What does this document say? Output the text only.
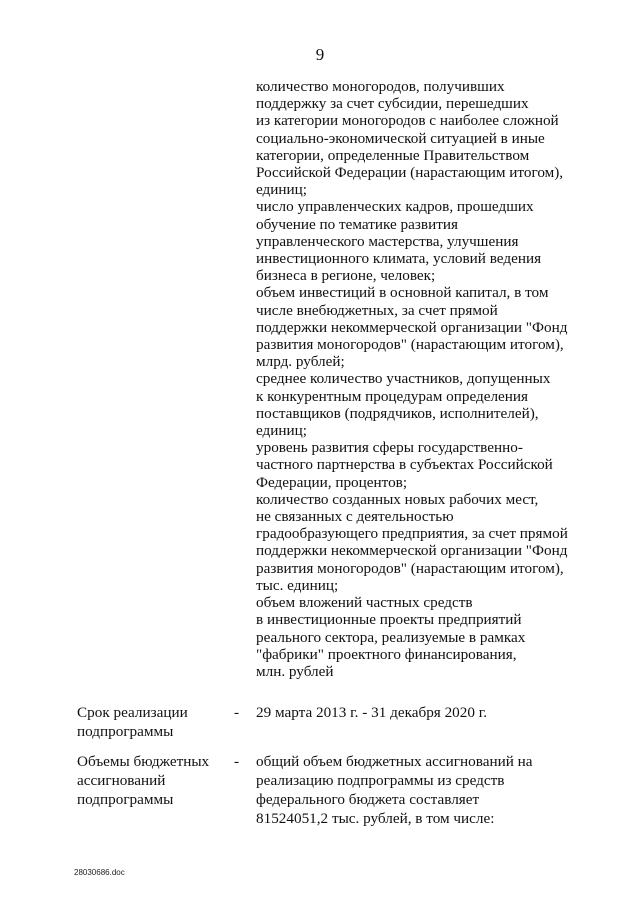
9
количество моногородов, получивших
поддержку за счет субсидии, перешедших
из категории моногородов с наиболее сложной
социально-экономической ситуацией в иные
категории, определенные Правительством
Российской Федерации (нарастающим итогом),
единиц;
число управленческих кадров, прошедших
обучение по тематике развития
управленческого мастерства, улучшения
инвестиционного климата, условий ведения
бизнеса в регионе, человек;
объем инвестиций в основной капитал, в том
числе внебюджетных, за счет прямой
поддержки некоммерческой организации "Фонд
развития моногородов" (нарастающим итогом),
млрд. рублей;
среднее количество участников, допущенных
к конкурентным процедурам определения
поставщиков (подрядчиков, исполнителей),
единиц;
уровень развития сферы государственно-
частного партнерства в субъектах Российской
Федерации, процентов;
количество созданных новых рабочих мест,
не связанных с деятельностью
градообразующего предприятия, за счет прямой
поддержки некоммерческой организации "Фонд
развития моногородов" (нарастающим итогом),
тыс. единиц;
объем вложений частных средств
в инвестиционные проекты предприятий
реального сектора, реализуемые в рамках
"фабрики" проектного финансирования,
млн. рублей
Срок реализации
подпрограммы
- 29 марта 2013 г. - 31 декабря 2020 г.
Объемы бюджетных
ассигнований
подпрограммы
- общий объем бюджетных ассигнований на
реализацию подпрограммы из средств
федерального бюджета составляет
81524051,2 тыс. рублей, в том числе:
28030686.doc
